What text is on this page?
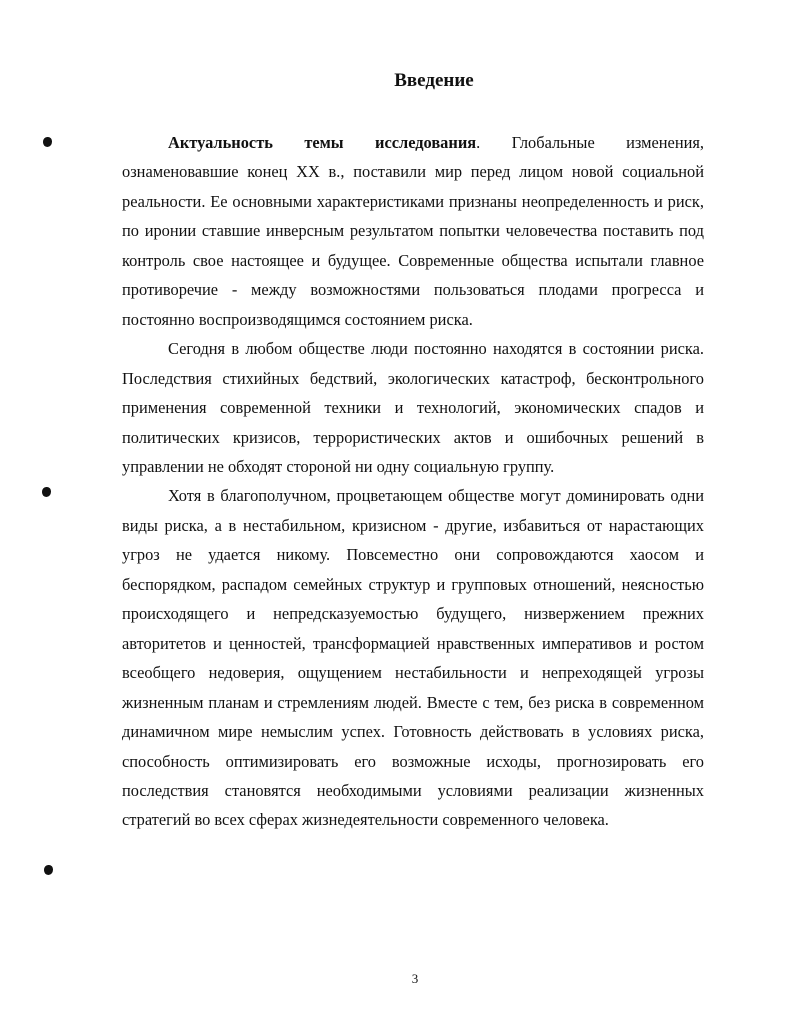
Введение

Актуальность темы исследования. Глобальные изменения, ознаменовавшие конец XX в., поставили мир перед лицом новой социальной реальности. Ее основными характеристиками признаны неопределенность и риск, по иронии ставшие инверсным результатом попытки человечества поставить под контроль свое настоящее и будущее. Современные общества испытали главное противоречие - между возможностями пользоваться плодами прогресса и постоянно воспроизводящимся состоянием риска.

Сегодня в любом обществе люди постоянно находятся в состоянии риска. Последствия стихийных бедствий, экологических катастроф, бесконтрольного применения современной техники и технологий, экономических спадов и политических кризисов, террористических актов и ошибочных решений в управлении не обходят стороной ни одну социальную группу.

Хотя в благополучном, процветающем обществе могут доминировать одни виды риска, а в нестабильном, кризисном - другие, избавиться от нарастающих угроз не удается никому. Повсеместно они сопровождаются хаосом и беспорядком, распадом семейных структур и групповых отношений, неясностью происходящего и непредсказуемостью будущего, низвержением прежних авторитетов и ценностей, трансформацией нравственных императивов и ростом всеобщего недоверия, ощущением нестабильности и непреходящей угрозы жизненным планам и стремлениям людей. Вместе с тем, без риска в современном динамичном мире немыслим успех. Готовность действовать в условиях риска, способность оптимизировать его возможные исходы, прогнозировать его последствия становятся необходимыми условиями реализации жизненных стратегий во всех сферах жизнедеятельности современного человека.

3
